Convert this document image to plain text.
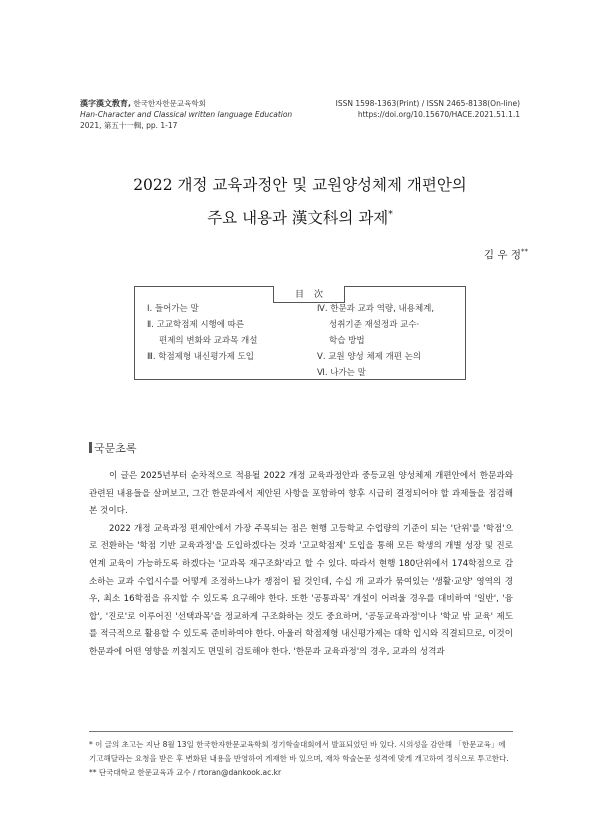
漢字漢文敎育, 한국한자한문교육학회
Han-Character and Classical written language Education
2021, 第五十一輯, pp. 1-17
ISSN 1598-1363(Print) / ISSN 2465-8138(On-line)
https://doi.org/10.15670/HACE.2021.51.1.1
2022 개정 교육과정안 및 교원양성체제 개편안의
주요 내용과 漢文科의 과제*
김 우 정**
目次
Ⅰ. 들어가는 말
Ⅱ. 고교학점제 시행에 따른
편제의 변화와 교과목 개설
Ⅲ. 학점제형 내신평가제 도입
Ⅳ. 한문과 교과 역량, 내용체계,
성취기준 재설정과 교수·
학습 방법
Ⅴ. 교원 양성 체제 개편 논의
Ⅵ. 나가는 말
국문초록

이 글은 2025년부터 순차적으로 적용될 2022 개정 교육과정안과 중등교원 양성체제 개편안에서 한문과와 관련된 내용들을 살펴보고, 그간 한문과에서 제안된 사항을 포함하여 향후 시급히 결정되어야 할 과제들을 점검해 본 것이다.

2022 개정 교육과정 편제안에서 가장 주목되는 점은 현행 고등학교 수업량의 기준이 되는 '단위'를 '학점'으로 전환하는 '학점 기반 교육과정'을 도입하겠다는 것과 '고교학점제' 도입을 통해 모든 학생의 개별 성장 및 진로 연계 교육이 가능하도록 하겠다는 '교과목 재구조화'라고 할 수 있다. 따라서 현행 180단위에서 174학점으로 감소하는 교과 수업시수를 어떻게 조정하느냐가 쟁점이 될 것인데, 수십 개 교과가 묶여있는 '생활·교양' 영역의 경우, 최소 16학점을 유지할 수 있도록 요구해야 한다. 또한 '공통과목' 개설이 어려울 경우를 대비하여 '일반', '융합', '진로'로 이루어진 '선택과목'을 정교하게 구조화하는 것도 중요하며, '공동교육과정'이나 '학교 밖 교육' 제도를 적극적으로 활용할 수 있도록 준비하여야 한다. 아울러 학점제형 내신평가제는 대학 입시와 직결되므로, 이것이 한문과에 어떤 영향을 끼칠지도 면밀히 검토해야 한다. '한문과 교육과정'의 경우, 교과의 성격과

* 이 글의 초고는 지난 8월 13일 한국한자한문교육학회 정기학술대회에서 발표되었던 바 있다. 시의성을 감안해 「한문교육」에 기고해달라는 요청을 받은 후 변화된 내용을 반영하여 게재한 바 있으며, 재차 학술논문 성격에 맞게 개고하여 정식으로 투고한다.

** 단국대학교 한문교육과 교수 / rtoran@dankook.ac.kr
